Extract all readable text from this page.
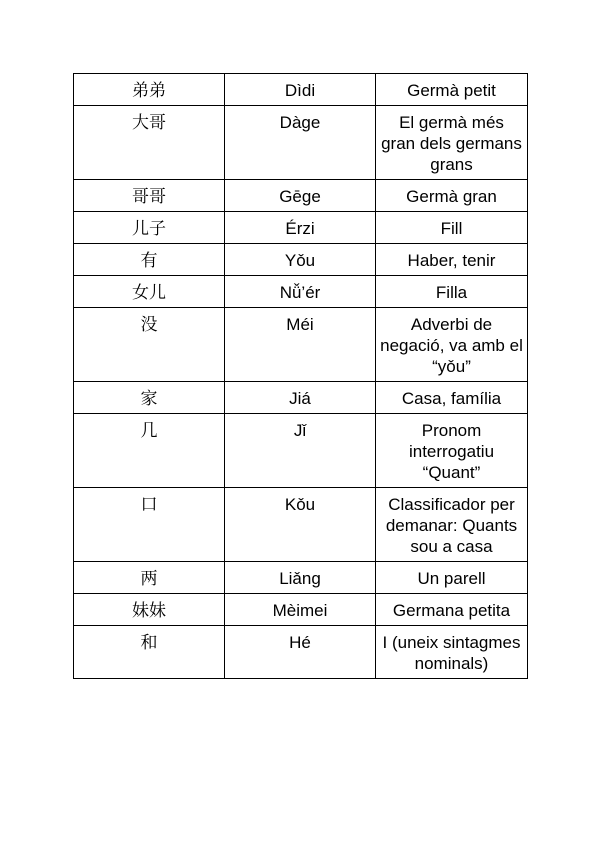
弟弟	Dìdi	Germà petit
大哥	Dàge	El germà més gran dels germans grans
哥哥	Gēge	Germà gran
儿子	Érzi	Fill
有	Yǒu	Haber, tenir
女儿	Nǚ’ér	Filla
没	Méi	Adverbi de negació, va amb el “yǒu”
家	Jiá	Casa, família
几	Jǐ	Pronom interrogatiu “Quant”
口	Kǒu	Classificador per demanar: Quants sou a casa
两	Liǎng	Un parell
妹妹	Mèimei	Germana petita
和	Hé	I (uneix sintagmes nominals)
